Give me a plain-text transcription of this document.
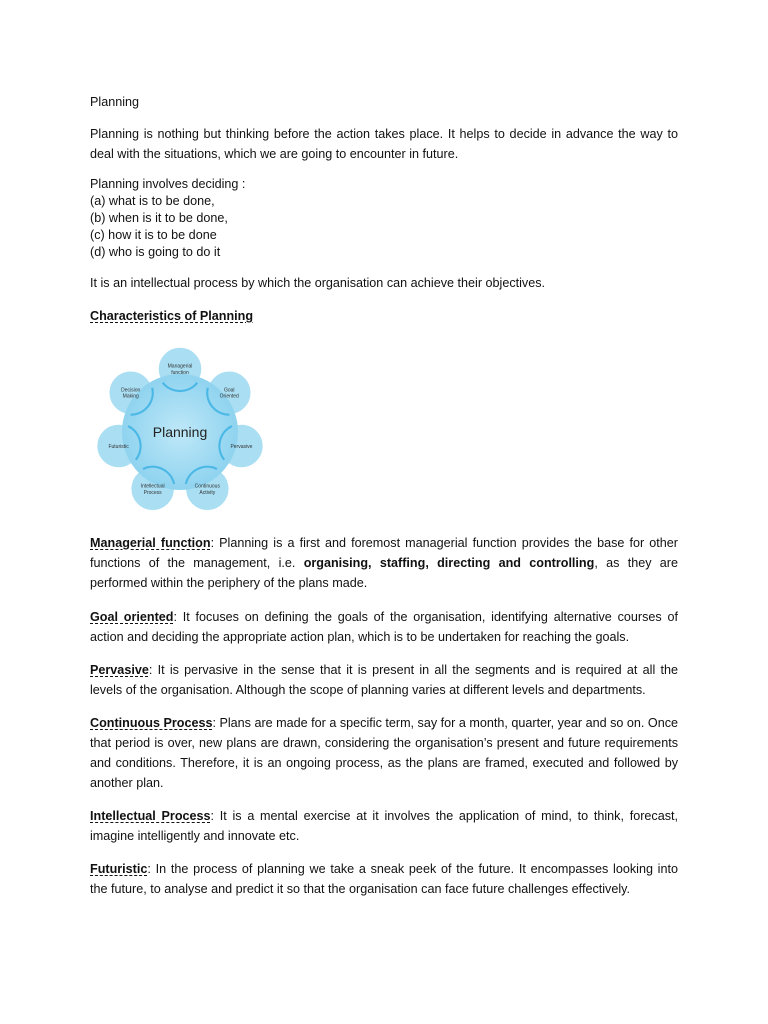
Planning

Planning is nothing but thinking before the action takes place. It helps to decide in advance the way to deal with the situations, which we are going to encounter in future.

Planning involves deciding :
(a) what is to be done,
(b) when is it to be done,
(c) how it is to be done
(d) who is going to do it

It is an intellectual process by which the organisation can achieve their objectives.

Characteristics of Planning

Managerial function
Goal Oriented
Pervasive
Continuous Activity
Intellectual Process
Futuristic
Decision Making
Planning

Managerial function: Planning is a first and foremost managerial function provides the base for other functions of the management, i.e. organising, staffing, directing and controlling, as they are performed within the periphery of the plans made.

Goal oriented: It focuses on defining the goals of the organisation, identifying alternative courses of action and deciding the appropriate action plan, which is to be undertaken for reaching the goals.

Pervasive: It is pervasive in the sense that it is present in all the segments and is required at all the levels of the organisation. Although the scope of planning varies at different levels and departments.

Continuous Process: Plans are made for a specific term, say for a month, quarter, year and so on. Once that period is over, new plans are drawn, considering the organisation’s present and future requirements and conditions. Therefore, it is an ongoing process, as the plans are framed, executed and followed by another plan.

Intellectual Process: It is a mental exercise at it involves the application of mind, to think, forecast, imagine intelligently and innovate etc.

Futuristic: In the process of planning we take a sneak peek of the future. It encompasses looking into the future, to analyse and predict it so that the organisation can face future challenges effectively.
